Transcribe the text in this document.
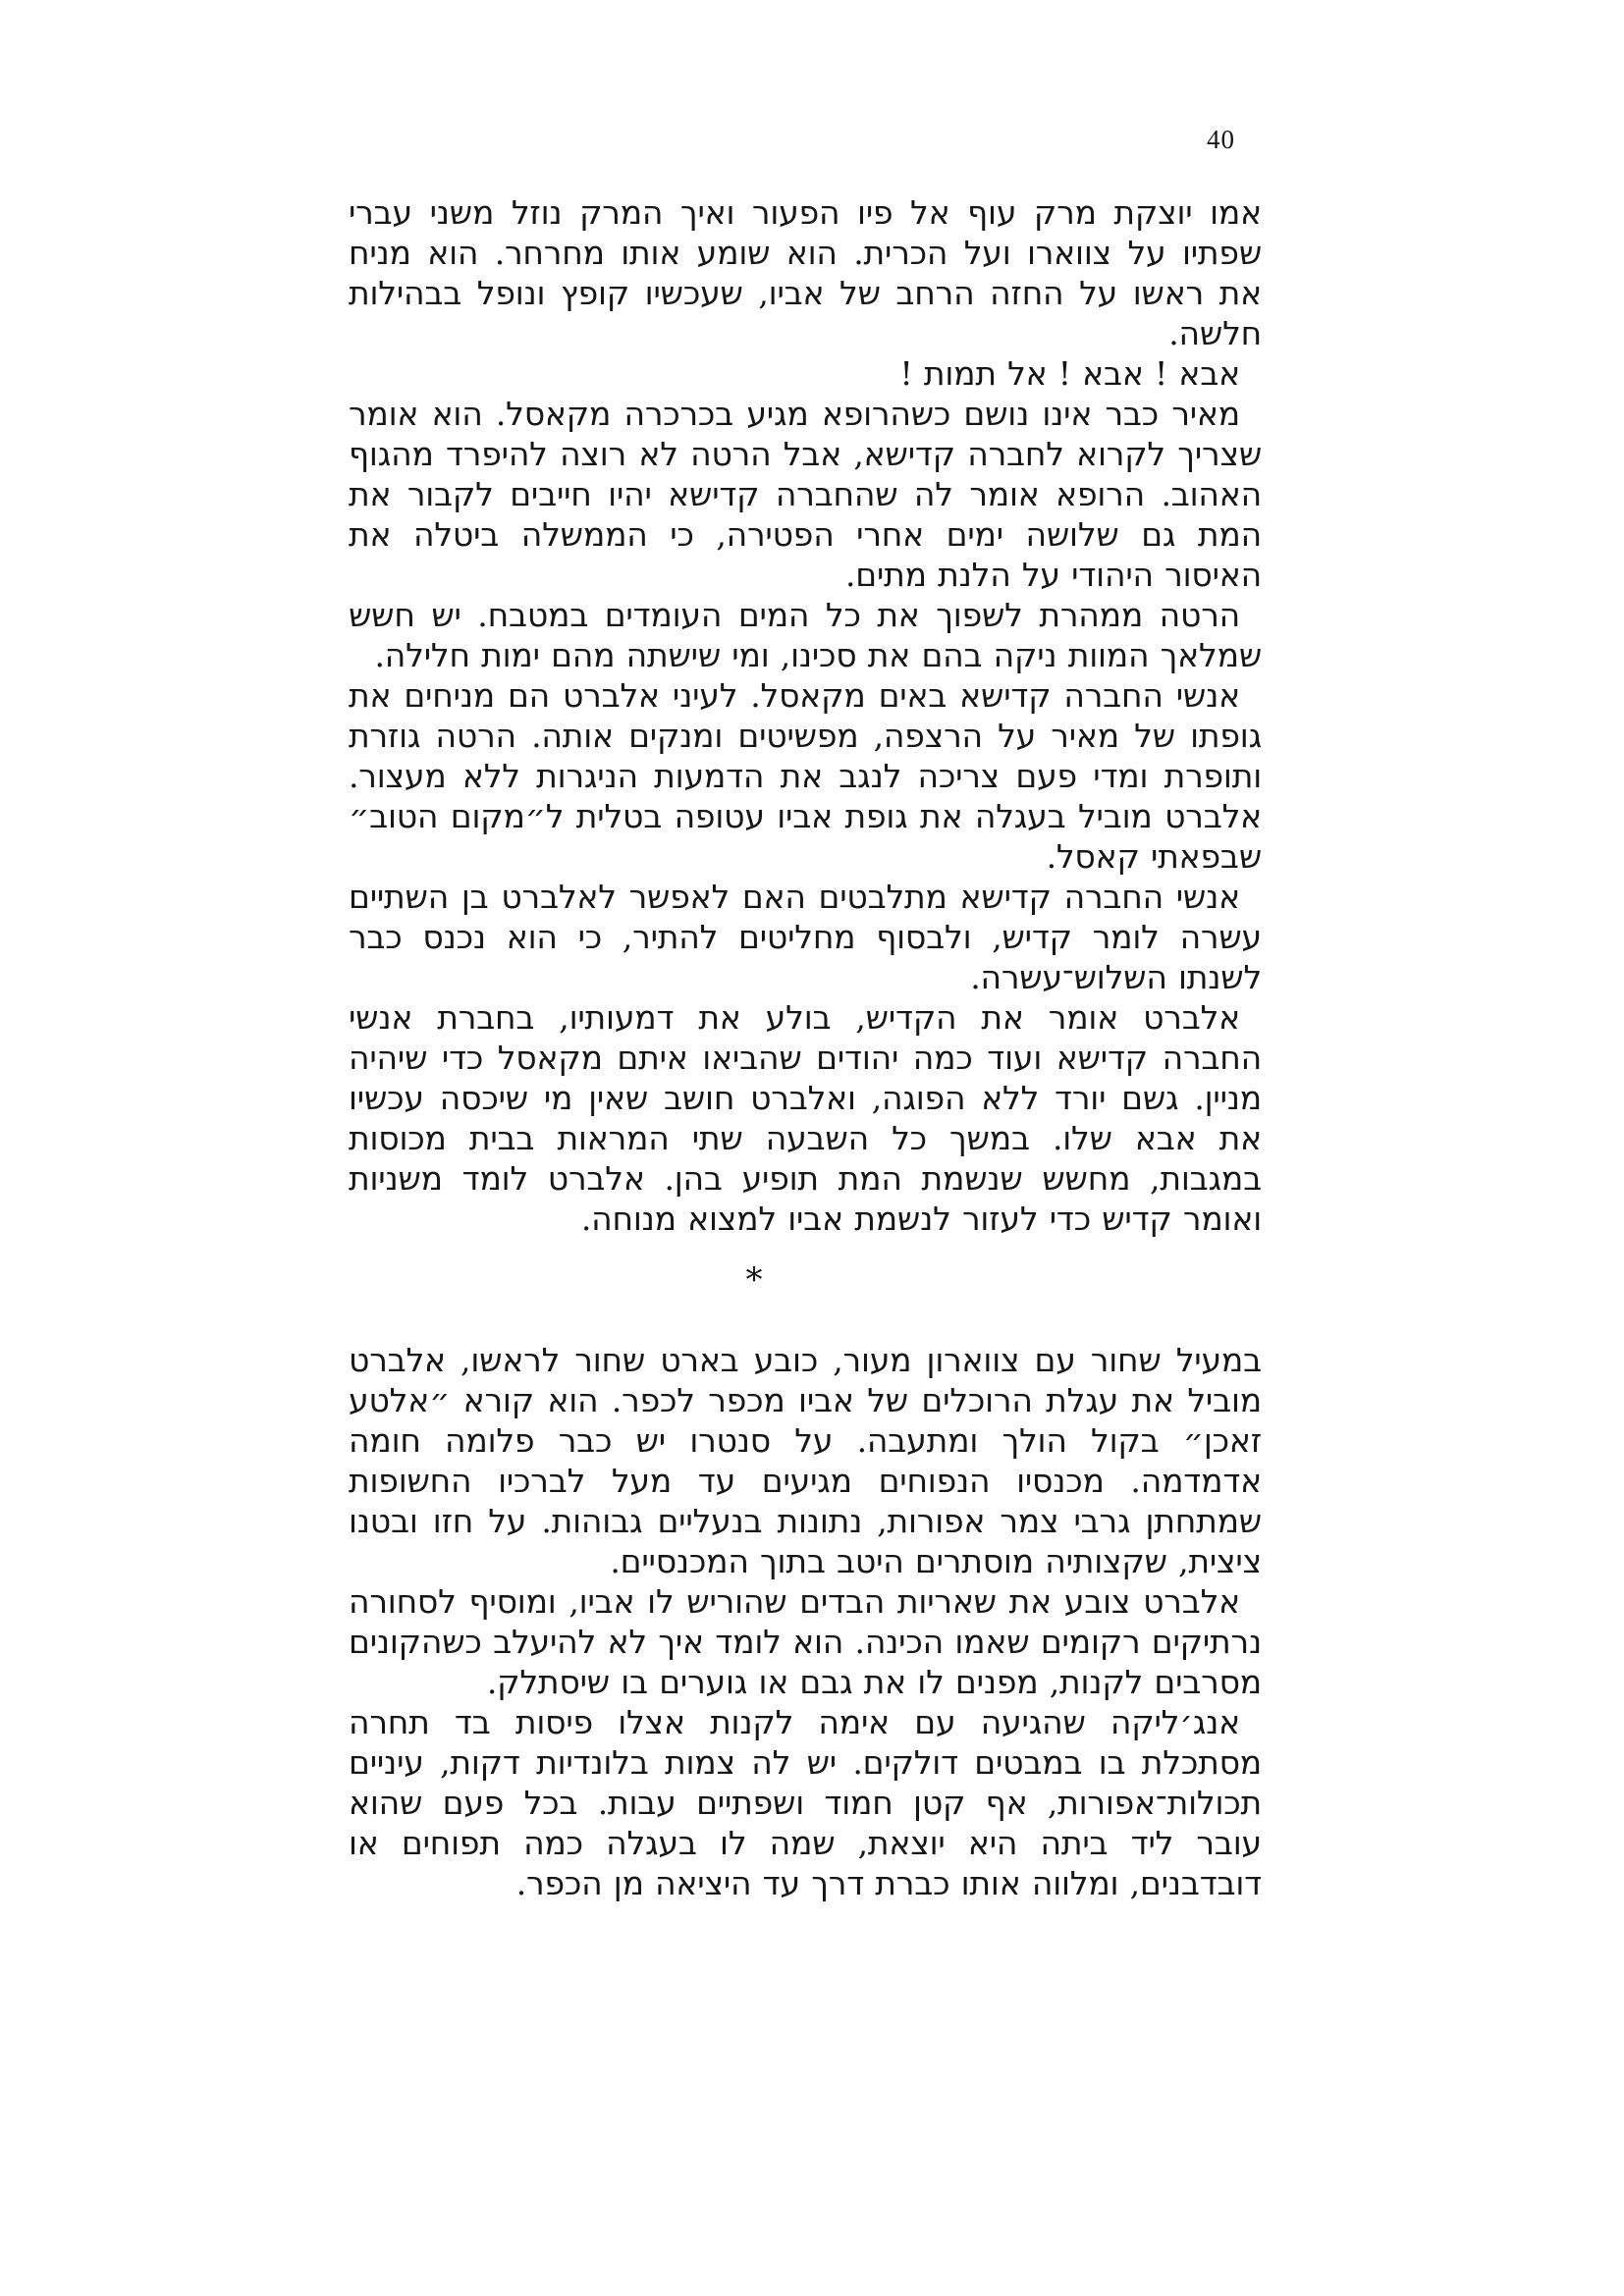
40

אמו יוצקת מרק עוף אל פיו הפעור ואיך המרק נוזל משני עברי שפתיו על צווארו ועל הכרית. הוא שומע אותו מחרחר. הוא מניח את ראשו על החזה הרחב של אביו, שעכשיו קופץ ונופל בבהילות חלשה.

אבא ! אבא ! אל תמות !

מאיר כבר אינו נושם כשהרופא מגיע בכרכרה מקאסל. הוא אומר שצריך לקרוא לחברה קדישא, אבל הרטה לא רוצה להיפרד מהגוף האהוב. הרופא אומר לה שהחברה קדישא יהיו חייבים לקבור את המת גם שלושה ימים אחרי הפטירה, כי הממשלה ביטלה את האיסור היהודי על הלנת מתים.

הרטה ממהרת לשפוך את כל המים העומדים במטבח. יש חשש שמלאך המוות ניקה בהם את סכינו, ומי שישתה מהם ימות חלילה.

אנשי החברה קדישא באים מקאסל. לעיני אלברט הם מניחים את גופתו של מאיר על הרצפה, מפשיטים ומנקים אותה. הרטה גוזרת ותופרת ומדי פעם צריכה לנגב את הדמעות הניגרות ללא מעצור. אלברט מוביל בעגלה את גופת אביו עטופה בטלית ל״מקום הטוב״ שבפאתי קאסל.

אנשי החברה קדישא מתלבטים האם לאפשר לאלברט בן השתיים עשרה לומר קדיש, ולבסוף מחליטים להתיר, כי הוא נכנס כבר לשנתו השלוש־עשרה.

אלברט אומר את הקדיש, בולע את דמעותיו, בחברת אנשי החברה קדישא ועוד כמה יהודים שהביאו איתם מקאסל כדי שיהיה מניין. גשם יורד ללא הפוגה, ואלברט חושב שאין מי שיכסה עכשיו את אבא שלו. במשך כל השבעה שתי המראות בבית מכוסות במגבות, מחשש שנשמת המת תופיע בהן. אלברט לומד משניות ואומר קדיש כדי לעזור לנשמת אביו למצוא מנוחה.

*

במעיל שחור עם צווארון מעור, כובע בארט שחור לראשו, אלברט מוביל את עגלת הרוכלים של אביו מכפר לכפר. הוא קורא ״אלטע זאכן״ בקול הולך ומתעבה. על סנטרו יש כבר פלומה חומה אדמדמה. מכנסיו הנפוחים מגיעים עד מעל לברכיו החשופות שמתחתן גרבי צמר אפורות, נתונות בנעליים גבוהות. על חזו ובטנו ציצית, שקצותיה מוסתרים היטב בתוך המכנסיים.

אלברט צובע את שאריות הבדים שהוריש לו אביו, ומוסיף לסחורה נרתיקים רקומים שאמו הכינה. הוא לומד איך לא להיעלב כשהקונים מסרבים לקנות, מפנים לו את גבם או גוערים בו שיסתלק.

אנג׳ליקה שהגיעה עם אימה לקנות אצלו פיסות בד תחרה מסתכלת בו במבטים דולקים. יש לה צמות בלונדיות דקות, עיניים תכולות־אפורות, אף קטן חמוד ושפתיים עבות. בכל פעם שהוא עובר ליד ביתה היא יוצאת, שמה לו בעגלה כמה תפוחים או דובדבנים, ומלווה אותו כברת דרך עד היציאה מן הכפר.
